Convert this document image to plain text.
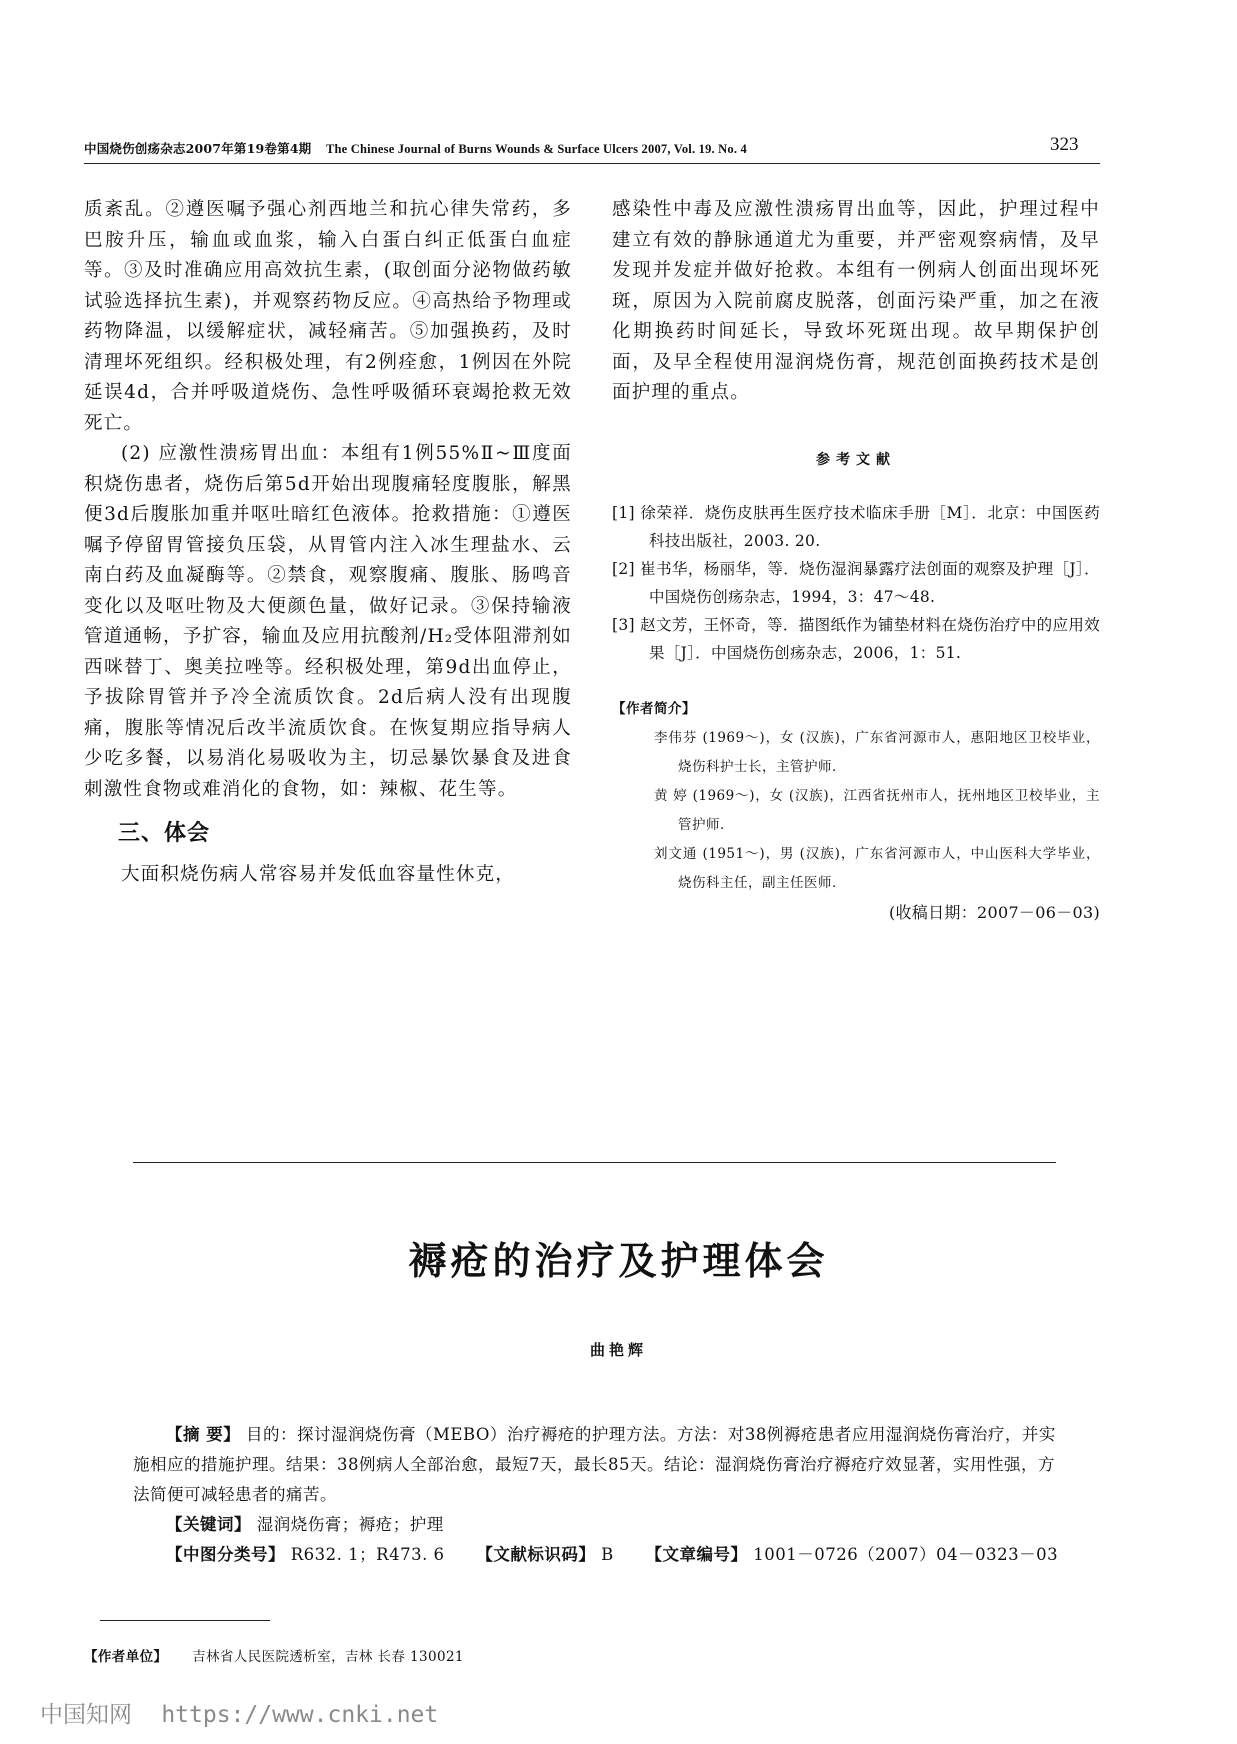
中国烧伤创疡杂志2007年第19卷第4期 The Chinese Journal of Burns Wounds & Surface Ulcers 2007, Vol. 19. No. 4	323

质紊乱。②遵医嘱予强心剂西地兰和抗心律失常药，多巴胺升压，输血或血浆，输入白蛋白纠正低蛋白血症等。③及时准确应用高效抗生素，(取创面分泌物做药敏试验选择抗生素)，并观察药物反应。④高热给予物理或药物降温，以缓解症状，减轻痛苦。⑤加强换药，及时清理坏死组织。经积极处理，有2例痊愈，1例因在外院延误4d，合并呼吸道烧伤、急性呼吸循环衰竭抢救无效死亡。

(2) 应激性溃疡胃出血：本组有1例55%Ⅱ~Ⅲ度面积烧伤患者，烧伤后第5d开始出现腹痛轻度腹胀，解黑便3d后腹胀加重并呕吐暗红色液体。抢救措施：①遵医嘱予停留胃管接负压袋，从胃管内注入冰生理盐水、云南白药及血凝酶等。②禁食，观察腹痛、腹胀、肠鸣音变化以及呕吐物及大便颜色量，做好记录。③保持输液管道通畅，予扩容，输血及应用抗酸剂/H₂受体阻滞剂如西咪替丁、奥美拉唑等。经积极处理，第9d出血停止，予拔除胃管并予冷全流质饮食。2d后病人没有出现腹痛，腹胀等情况后改半流质饮食。在恢复期应指导病人少吃多餐，以易消化易吸收为主，切忌暴饮暴食及进食刺激性食物或难消化的食物，如：辣椒、花生等。

三、体会

大面积烧伤病人常容易并发低血容量性休克，

感染性中毒及应激性溃疡胃出血等，因此，护理过程中建立有效的静脉通道尤为重要，并严密观察病情，及早发现并发症并做好抢救。本组有一例病人创面出现坏死斑，原因为入院前腐皮脱落，创面污染严重，加之在液化期换药时间延长，导致坏死斑出现。故早期保护创面，及早全程使用湿润烧伤膏，规范创面换药技术是创面护理的重点。

参考文献

[1] 徐荣祥．烧伤皮肤再生医疗技术临床手册［M］．北京：中国医药科技出版社，2003. 20.

[2] 崔书华，杨丽华，等．烧伤湿润暴露疗法创面的观察及护理［J］．中国烧伤创疡杂志，1994，3：47～48.

[3] 赵文芳，王怀奇，等．描图纸作为铺垫材料在烧伤治疗中的应用效果［J］．中国烧伤创疡杂志，2006，1：51.

【作者简介】

李伟芬 (1969～)，女 (汉族)，广东省河源市人，惠阳地区卫校毕业，烧伤科护士长，主管护师．

黄 婷 (1969～)，女 (汉族)，江西省抚州市人，抚州地区卫校毕业，主管护师．

刘文通 (1951～)，男 (汉族)，广东省河源市人，中山医科大学毕业，烧伤科主任，副主任医师．

(收稿日期：2007－06－03)

褥疮的治疗及护理体会
曲艳辉

【摘 要】 目的：探讨湿润烧伤膏（MEBO）治疗褥疮的护理方法。方法：对38例褥疮患者应用湿润烧伤膏治疗，并实施相应的措施护理。结果：38例病人全部治愈，最短7天，最长85天。结论：湿润烧伤膏治疗褥疮疗效显著，实用性强，方法简便可减轻患者的痛苦。

【关键词】 湿润烧伤膏；褥疮；护理

【中图分类号】 R632. 1；R473. 6 【文献标识码】 B 【文章编号】 1001－0726（2007）04－0323－03

【作者单位】 吉林省人民医院透析室，吉林 长春 130021
中国知网 https://www.cnki.net
